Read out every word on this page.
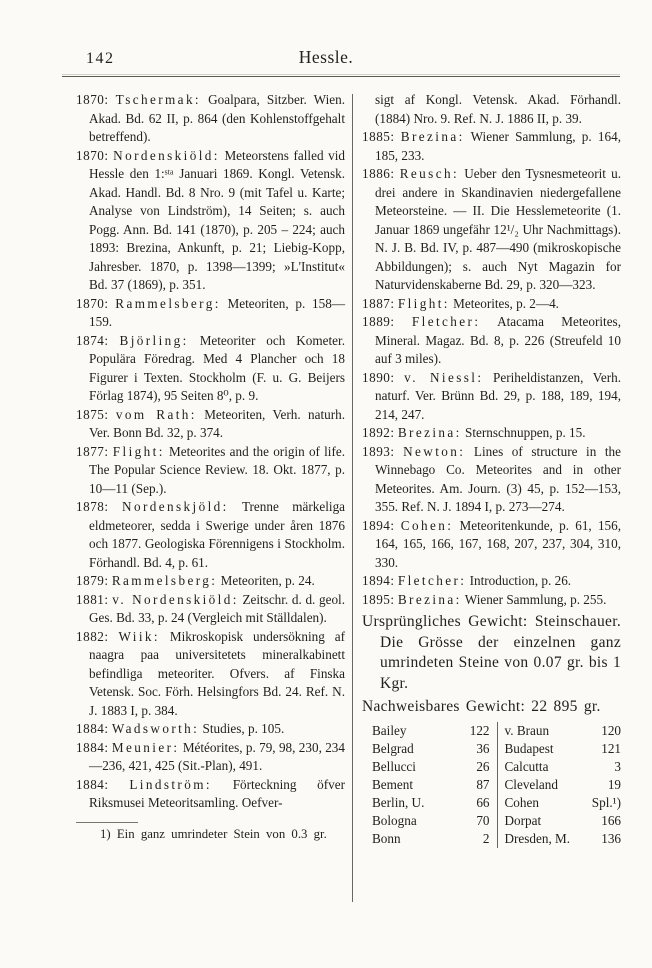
142	Hessle.

1870: Tschermak: Goalpara, Sitzber. Wien. Akad. Bd. 62 II, p. 864 (den Kohlenstoffgehalt betreffend).

1870: Nordenskiöld: Meteorstens falled vid Hessle den 1:ˢᵗᵃ Januari 1869. Kongl. Vetensk. Akad. Handl. Bd. 8 Nro. 9 (mit Tafel u. Karte; Analyse von Lindström), 14 Seiten; s. auch Pogg. Ann. Bd. 141 (1870), p. 205 – 224; auch 1893: Brezina, Ankunft, p. 21; Liebig-Kopp, Jahresber. 1870, p. 1398—1399; »L'Institut« Bd. 37 (1869), p. 351.

1870: Rammelsberg: Meteoriten, p. 158—159.

1874: Björling: Meteoriter och Kometer. Populära Föredrag. Med 4 Plancher och 18 Figurer i Texten. Stockholm (F. u. G. Beijers Förlag 1874), 95 Seiten 8⁰, p. 9.

1875: vom Rath: Meteoriten, Verh. naturh. Ver. Bonn Bd. 32, p. 374.

1877: Flight: Meteorites and the origin of life. The Popular Science Review. 18. Okt. 1877, p. 10—11 (Sep.).

1878: Nordenskjöld: Trenne märkeliga eldmeteorer, sedda i Swerige under åren 1876 och 1877. Geologiska Förennigens i Stockholm. Förhandl. Bd. 4, p. 61.

1879: Rammelsberg: Meteoriten, p. 24.

1881: v. Nordenskiöld: Zeitschr. d. d. geol. Ges. Bd. 33, p. 24 (Vergleich mit Ställdalen).

1882: Wiik: Mikroskopisk undersökning af naagra paa universitetets mineralkabinett befindliga meteoriter. Ofvers. af Finska Vetensk. Soc. Förh. Helsingfors Bd. 24. Ref. N. J. 1883 I, p. 384.

1884: Wadsworth: Studies, p. 105.

1884: Meunier: Météorites, p. 79, 98, 230, 234—236, 421, 425 (Sit.-Plan), 491.

1884: Lindström: Förteckning öfver Riksmusei Meteoritsamling. Oefver-

1) Ein ganz umrindeter Stein von 0.3 gr.

sigt af Kongl. Vetensk. Akad. Förhandl. (1884) Nro. 9. Ref. N. J. 1886 II, p. 39.

1885: Brezina: Wiener Sammlung, p. 164, 185, 233.

1886: Reusch: Ueber den Tysnesmeteorit u. drei andere in Skandinavien niedergefallene Meteorsteine. — II. Die Hesslemeteorite (1. Januar 1869 ungefähr 12¹/₂ Uhr Nachmittags). N. J. B. Bd. IV, p. 487—490 (mikroskopische Abbildungen); s. auch Nyt Magazin for Naturvidenskaberne Bd. 29, p. 320—323.

1887: Flight: Meteorites, p. 2—4.

1889: Fletcher: Atacama Meteorites, Mineral. Magaz. Bd. 8, p. 226 (Streufeld 10 auf 3 miles).

1890: v. Niessl: Periheldistanzen, Verh. naturf. Ver. Brünn Bd. 29, p. 188, 189, 194, 214, 247.

1892: Brezina: Sternschnuppen, p. 15.

1893: Newton: Lines of structure in the Winnebago Co. Meteorites and in other Meteorites. Am. Journ. (3) 45, p. 152—153, 355. Ref. N. J. 1894 I, p. 273—274.

1894: Cohen: Meteoritenkunde, p. 61, 156, 164, 165, 166, 167, 168, 207, 237, 304, 310, 330.

1894: Fletcher: Introduction, p. 26.

1895: Brezina: Wiener Sammlung, p. 255.

Ursprüngliches Gewicht: Steinschauer. Die Grösse der einzelnen ganz umrindeten Steine von 0.07 gr. bis 1 Kgr.

Nachweisbares Gewicht: 22 895 gr.

Bailey	122
Belgrad	36
Bellucci	26
Bement	87
Berlin, U.	66
Bologna	70
Bonn	2
v. Braun	120
Budapest	121
Calcutta	3
Cleveland	19
Cohen	Spl.¹)
Dorpat	166
Dresden, M. 136
